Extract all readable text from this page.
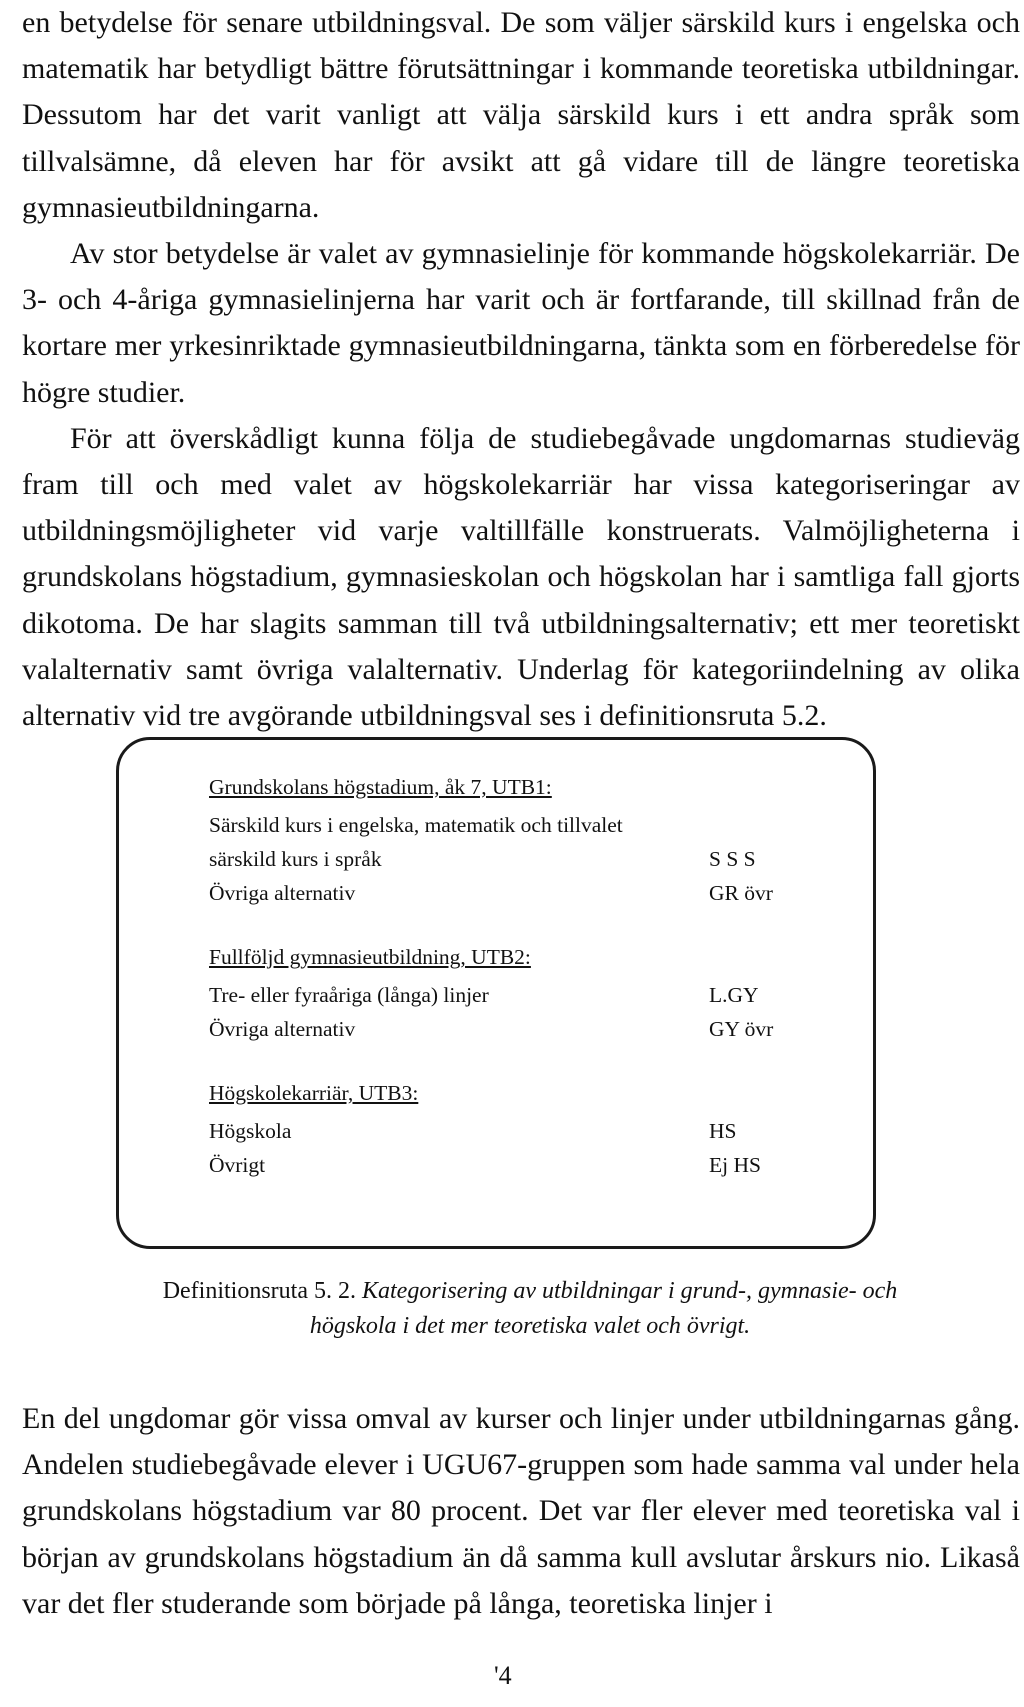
en betydelse för senare utbildningsval. De som väljer särskild kurs i engelska och matematik har betydligt bättre förutsättningar i kommande teoretiska utbildningar. Dessutom har det varit vanligt att välja särskild kurs i ett andra språk som tillvalsämne, då eleven har för avsikt att gå vidare till de längre teoretiska gymnasieutbildningarna.

Av stor betydelse är valet av gymnasielinje för kommande högskolekarriär. De 3- och 4-åriga gymnasielinjerna har varit och är fortfarande, till skillnad från de kortare mer yrkesinriktade gymnasieutbildningarna, tänkta som en förberedelse för högre studier.

För att överskådligt kunna följa de studiebegåvade ungdomarnas studieväg fram till och med valet av högskolekarriär har vissa kategoriseringar av utbildningsmöjligheter vid varje valtillfälle konstruerats. Valmöjligheterna i grundskolans högstadium, gymnasieskolan och högskolan har i samtliga fall gjorts dikotoma. De har slagits samman till två utbildningsalternativ; ett mer teoretiskt valalternativ samt övriga valalternativ. Underlag för kategoriindelning av olika alternativ vid tre avgörande utbildningsval ses i definitionsruta 5.2.

Grundskolans högstadium, åk 7, UTB1:
Särskild kurs i engelska, matematik och tillvalet särskild kurs i språk	S S S
Övriga alternativ	GR övr
Fullföljd gymnasieutbildning, UTB2:
Tre- eller fyraåriga (långa) linjer	L.GY
Övriga alternativ	GY övr
Högskolekarriär, UTB3:
Högskola	HS
Övrigt	Ej HS
Definitionsruta 5. 2. Kategorisering av utbildningar i grund-, gymnasie- och högskola i det mer teoretiska valet och övrigt.

En del ungdomar gör vissa omval av kurser och linjer under utbildningarnas gång. Andelen studiebegåvade elever i UGU67-gruppen som hade samma val under hela grundskolans högstadium var 80 procent. Det var fler elever med teoretiska val i början av grundskolans högstadium än då samma kull avslutar årskurs nio. Likaså var det fler studerande som började på långa, teoretiska linjer i

'4
